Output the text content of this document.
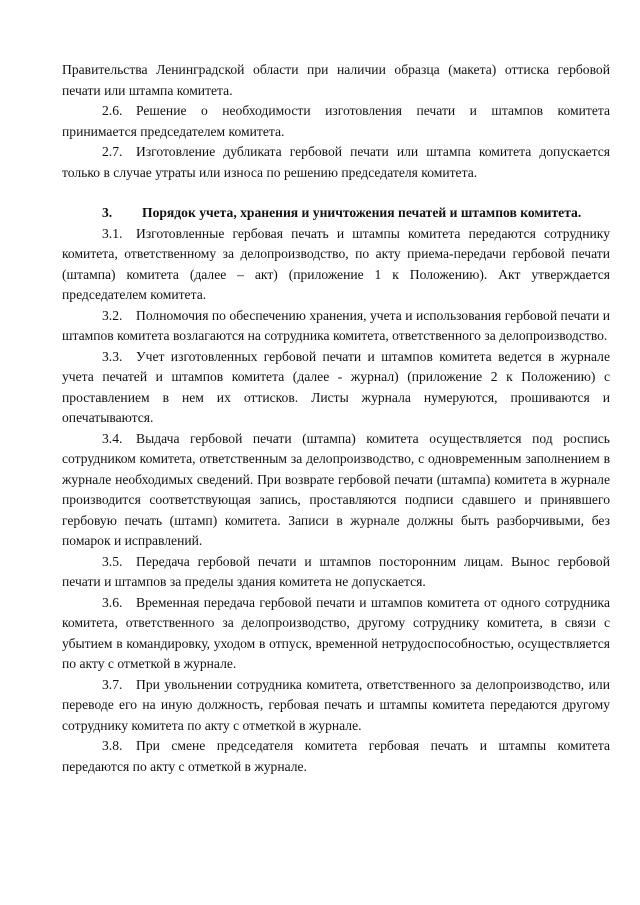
Правительства Ленинградской области при наличии образца (макета) оттиска гербовой печати или штампа комитета.

2.6. Решение о необходимости изготовления печати и штампов комитета принимается председателем комитета.

2.7. Изготовление дубликата гербовой печати или штампа комитета допускается только в случае утраты или износа по решению председателя комитета.

3. Порядок учета, хранения и уничтожения печатей и штампов комитета.

3.1. Изготовленные гербовая печать и штампы комитета передаются сотруднику комитета, ответственному за делопроизводство, по акту приема-передачи гербовой печати (штампа) комитета (далее – акт) (приложение 1 к Положению). Акт утверждается председателем комитета.

3.2. Полномочия по обеспечению хранения, учета и использования гербовой печати и штампов комитета возлагаются на сотрудника комитета, ответственного за делопроизводство.

3.3. Учет изготовленных гербовой печати и штампов комитета ведется в журнале учета печатей и штампов комитета (далее - журнал) (приложение 2 к Положению) с проставлением в нем их оттисков. Листы журнала нумеруются, прошиваются и опечатываются.

3.4. Выдача гербовой печати (штампа) комитета осуществляется под роспись сотрудником комитета, ответственным за делопроизводство, с одновременным заполнением в журнале необходимых сведений. При возврате гербовой печати (штампа) комитета в журнале производится соответствующая запись, проставляются подписи сдавшего и принявшего гербовую печать (штамп) комитета. Записи в журнале должны быть разборчивыми, без помарок и исправлений.

3.5. Передача гербовой печати и штампов посторонним лицам. Вынос гербовой печати и штампов за пределы здания комитета не допускается.

3.6. Временная передача гербовой печати и штампов комитета от одного сотрудника комитета, ответственного за делопроизводство, другому сотруднику комитета, в связи с убытием в командировку, уходом в отпуск, временной нетрудоспособностью, осуществляется по акту с отметкой в журнале.

3.7. При увольнении сотрудника комитета, ответственного за делопроизводство, или переводе его на иную должность, гербовая печать и штампы комитета передаются другому сотруднику комитета по акту с отметкой в журнале.

3.8. При смене председателя комитета гербовая печать и штампы комитета передаются по акту с отметкой в журнале.
